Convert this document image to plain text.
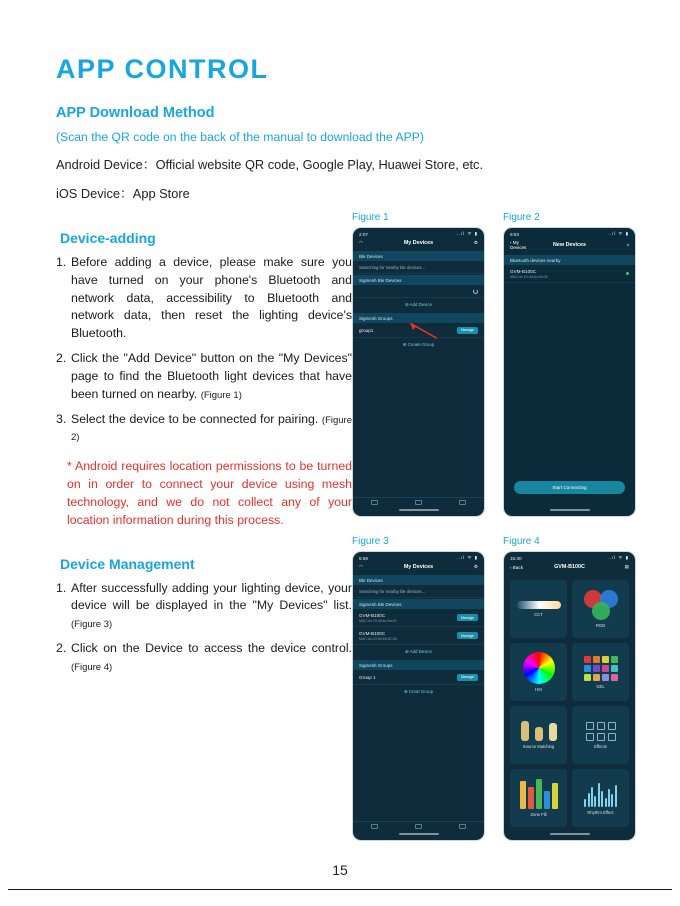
APP CONTROL
APP Download Method
(Scan the QR code on the back of the manual to download the APP)
Android Device：Official website QR code, Google Play, Huawei Store, etc.
iOS Device：App Store
Device-adding
1. Before adding a device, please make sure you have turned on your phone's Bluetooth and network data, accessibility to Bluetooth and network data, then reset the lighting device's Bluetooth.
2. Click the "Add Device" button on the "My Devices" page to find the Bluetooth light devices that have been turned on nearby. (Figure 1)
3. Select the device to be connected for pairing. (Figure 2)
* Android requires location permissions to be turned on in order to connect your device using mesh technology, and we do not collect any of your location information during this process.
Device Management
1. After successfully adding your lighting device, your device will be displayed in the "My Devices" list. (Figure 3)
2. Click on the Device to access the device control. (Figure 4)
Figure 1
2:07	..ıl ᯤ ▮
◠	My Devices	⚙
Ble Devices
Searching for nearby ble devices...
Sigmesh Ble Devices
⊕ Add Device
Sigmesh Groups
group1	Manage
⊕ Create Group
Figure 2
9:53	..ıl ᯤ ▮
‹ My Devices	New Devices	?
Bluetooth devices nearby
GVM-B100C
MAC:dc:23:4d:6c:bb:05
Start Connecting
Figure 3
5:59	..ıl ᯤ ▮
◠	My Devices	⚙
Ble Devices
Searching for nearby ble devices...
Sigmesh Ble Devices
GVM-B100C
MAC:dc:23:4d:6c:5a:53
Manage
GVM-B100C
MAC:dc:23:5d:68:62:65
Manage
⊕ Add Device
Sigmesh Groups
Group 1	Manage
⊕ Creat Group
Figure 4
15:30	..ıl ᯤ ▮
‹ Back	GVM-B100C	▤
CCT
RGB
HSI
GEL
Source Matching	Effects
Zone Fill	Rhythm Effect
15
